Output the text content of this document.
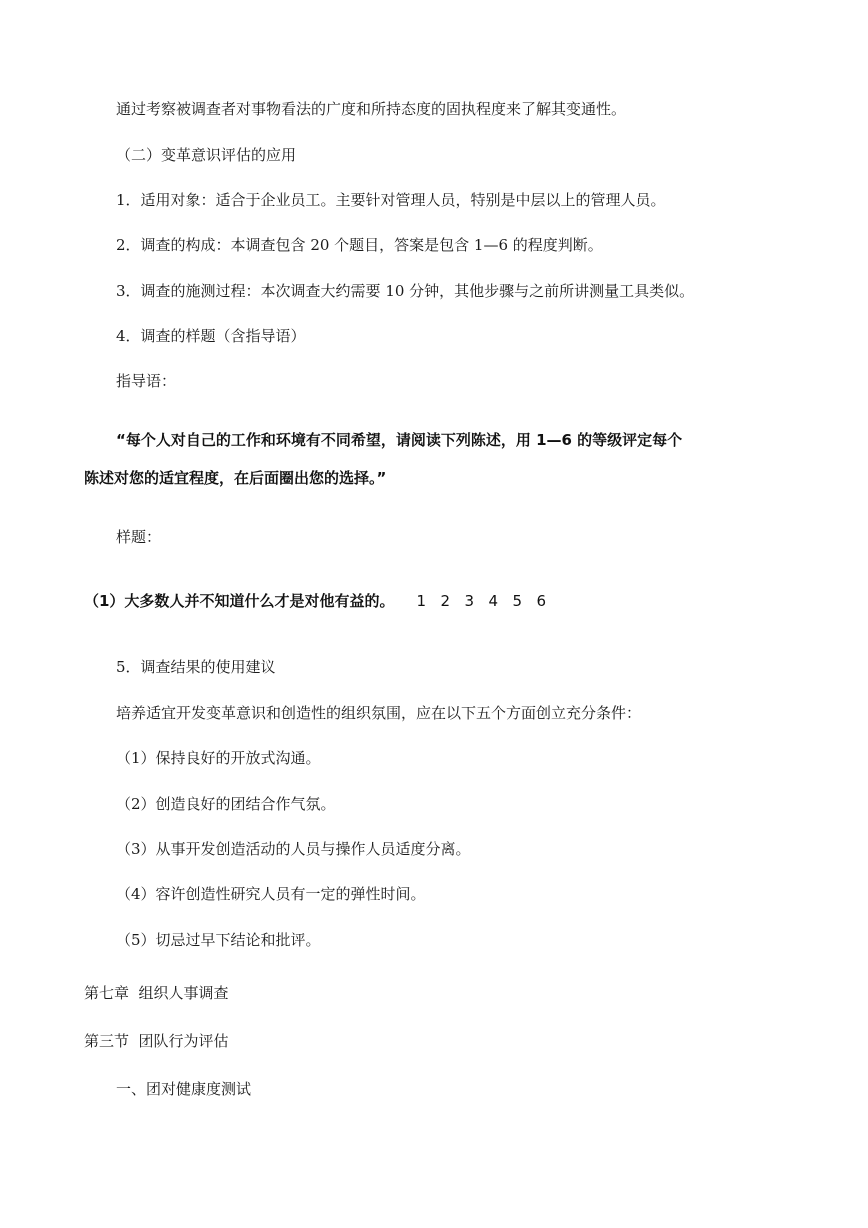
通过考察被调查者对事物看法的广度和所持态度的固执程度来了解其变通性。
（二）变革意识评估的应用
1．适用对象：适合于企业员工。主要针对管理人员，特别是中层以上的管理人员。
2．调查的构成：本调查包含 20 个题目，答案是包含 1—6 的程度判断。
3．调查的施测过程：本次调查大约需要 10 分钟，其他步骤与之前所讲测量工具类似。
4．调查的样题（含指导语）
指导语：
“每个人对自己的工作和环境有不同希望，请阅读下列陈述，用 1—6 的等级评定每个
陈述对您的适宜程度，在后面圈出您的选择。”
样题：
（1）大多数人并不知道什么才是对他有益的。 1 2 3 4 5 6
5．调查结果的使用建议
培养适宜开发变革意识和创造性的组织氛围，应在以下五个方面创立充分条件：
（1）保持良好的开放式沟通。
（2）创造良好的团结合作气氛。
（3）从事开发创造活动的人员与操作人员适度分离。
（4）容许创造性研究人员有一定的弹性时间。
（5）切忌过早下结论和批评。
第七章  组织人事调查
第三节  团队行为评估
一、团对健康度测试
